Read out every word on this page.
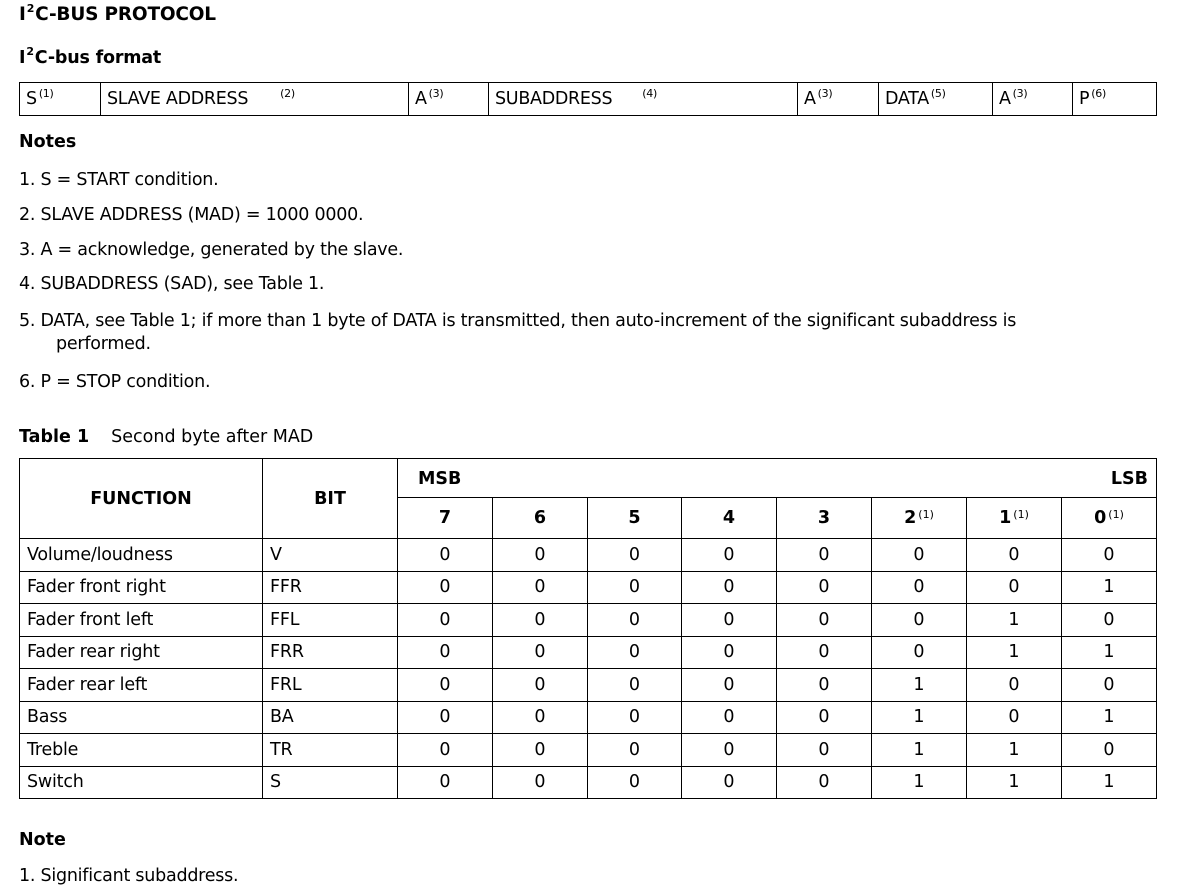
$I^2C$-BUS PROTOCOL
$I^2C$-bus format
S $^{(1)}$	SLAVE ADDRESS	$^{(2)}$	A $^{(3)}$	SUBADDRESS	$^{(4)}$	A $^{(3)}$	DATA $^{(5)}$	A $^{(3)}$	P $^{(6)}$
Notes
1. S = START condition.
2. SLAVE ADDRESS (MAD) = 1000 0000.
3. A = acknowledge, generated by the slave.
4. SUBADDRESS (SAD), see Table 1.
5. DATA, see Table 1; if more than 1 byte of DATA is transmitted, then auto-increment of the significant subaddress is
performed.
6. P = STOP condition.
Table 1 Second byte after MAD
FUNCTION	BIT	MSB LSB							

		7	6	5	4	3	2 $^{(1)}$	1 $^{(1)}$	0 $^{(1)}$
Volume/loudness	V	0	0	0	0	0	0	0	0
Fader front right	FFR	0	0	0	0	0	0	0	1
Fader front left	FFL	0	0	0	0	0	0	1	0
Fader rear right	FRR	0	0	0	0	0	0	1	1
Fader rear left	FRL	0	0	0	0	0	1	0	0
Bass	BA	0	0	0	0	0	1	0	1
Treble	TR	0	0	0	0	0	1	1	0
Switch	S	0	0	0	0	0	1	1	1
Note
1. Significant subaddress.
